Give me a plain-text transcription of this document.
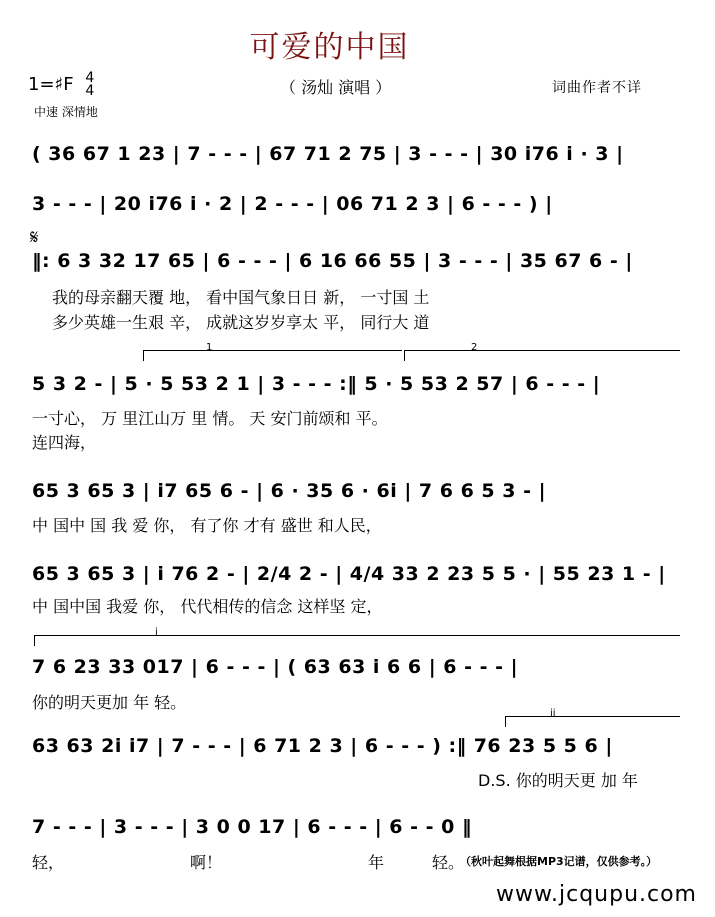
可爱的中国
1=♯F 4
4
中速 深情地
（ 汤灿 演唱 ）	词曲作者不详
( 36 67 1 23 | 7 - - - | 67 71 2 75 | 3 - - - | 30 i76 i · 3 |
3 - - - | 20 i76 i · 2 | 2 - - - | 06 71 2 3 | 6 - - - ) |
𝄋
‖: 6 3 32 17 65 | 6 - - - | 6 16 66 55 | 3 - - - | 35 67 6 - |
我的母亲翻天覆 地， 看中国气象日日 新， 一寸国 土
多少英雄一生艰 辛， 成就这岁岁享太 平， 同行大 道
1	2
5 3 2 - | 5 · 5 53 2 1 | 3 - - - :‖ 5 · 5 53 2 57 | 6 - - - |
一寸心， 万 里江山万 里 情。 天 安门前颂和 平。
连四海，
65 3 65 3 | i7 65 6 - | 6 · 35 6 · 6i | 7 6 6 5 3 - |
中 国中 国 我 爱 你， 有了你 才有 盛世 和人民，
65 3 65 3 | i 76 2 - | 2/4 2 - | 4/4 33 2 23 5 5 · | 55 23 1 - |
中 国中国 我爱 你， 代代相传的信念 这样坚 定，
i
7 6 23 33 017 | 6 - - - | ( 63 63 i 6 6 | 6 - - - |
你的明天更加 年 轻。
ii
63 63 2i i7 | 7 - - - | 6 71 2 3 | 6 - - - ) :‖ 76 23 5 5 6 |
D.S. 你的明天更 加 年
7 - - - | 3 - - - | 3 0 0 17 | 6 - - - | 6 - - 0 ‖
轻，	啊！	年	轻。
（秋叶起舞根据MP3记谱，仅供参考。）
www.jcqupu.com
